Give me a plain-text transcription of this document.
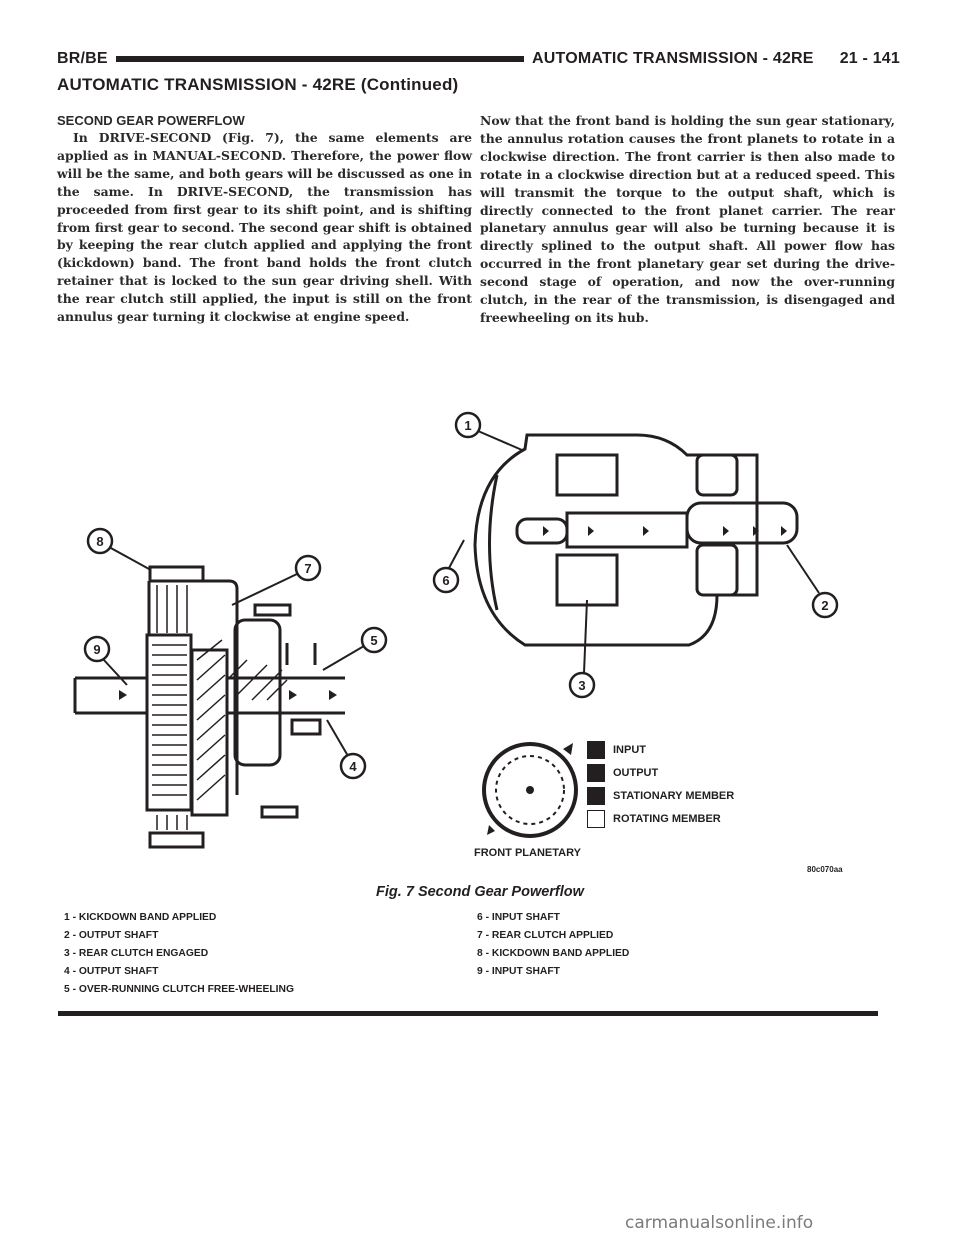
BR/BE	AUTOMATIC TRANSMISSION - 42RE 21 - 141
AUTOMATIC TRANSMISSION - 42RE (Continued)
SECOND GEAR POWERFLOW

In DRIVE-SECOND (Fig. 7), the same elements are applied as in MANUAL-SECOND. Therefore, the power flow will be the same, and both gears will be discussed as one in the same. In DRIVE-SECOND, the transmission has proceeded from first gear to its shift point, and is shifting from first gear to second. The second gear shift is obtained by keeping the rear clutch applied and applying the front (kickdown) band. The front band holds the front clutch retainer that is locked to the sun gear driving shell. With the rear clutch still applied, the input is still on the front annulus gear turning it clockwise at engine speed.

Now that the front band is holding the sun gear stationary, the annulus rotation causes the front planets to rotate in a clockwise direction. The front carrier is then also made to rotate in a clockwise direction but at a reduced speed. This will transmit the torque to the output shaft, which is directly connected to the front planet carrier. The rear planetary annulus gear will also be turning because it is directly splined to the output shaft. All power flow has occurred in the front planetary gear set during the drive-second stage of operation, and now the over-running clutch, in the rear of the transmission, is disengaged and freewheeling on its hub.

8
7
9
5
4
1
6
3
2
INPUT
OUTPUT
STATIONARY MEMBER
ROTATING MEMBER
FRONT PLANETARY
80c070aa
Fig. 7 Second Gear Powerflow
1 - KICKDOWN BAND APPLIED
2 - OUTPUT SHAFT
3 - REAR CLUTCH ENGAGED
4 - OUTPUT SHAFT
5 - OVER-RUNNING CLUTCH FREE-WHEELING
6 - INPUT SHAFT
7 - REAR CLUTCH APPLIED
8 - KICKDOWN BAND APPLIED
9 - INPUT SHAFT
carmanualsonline.info
